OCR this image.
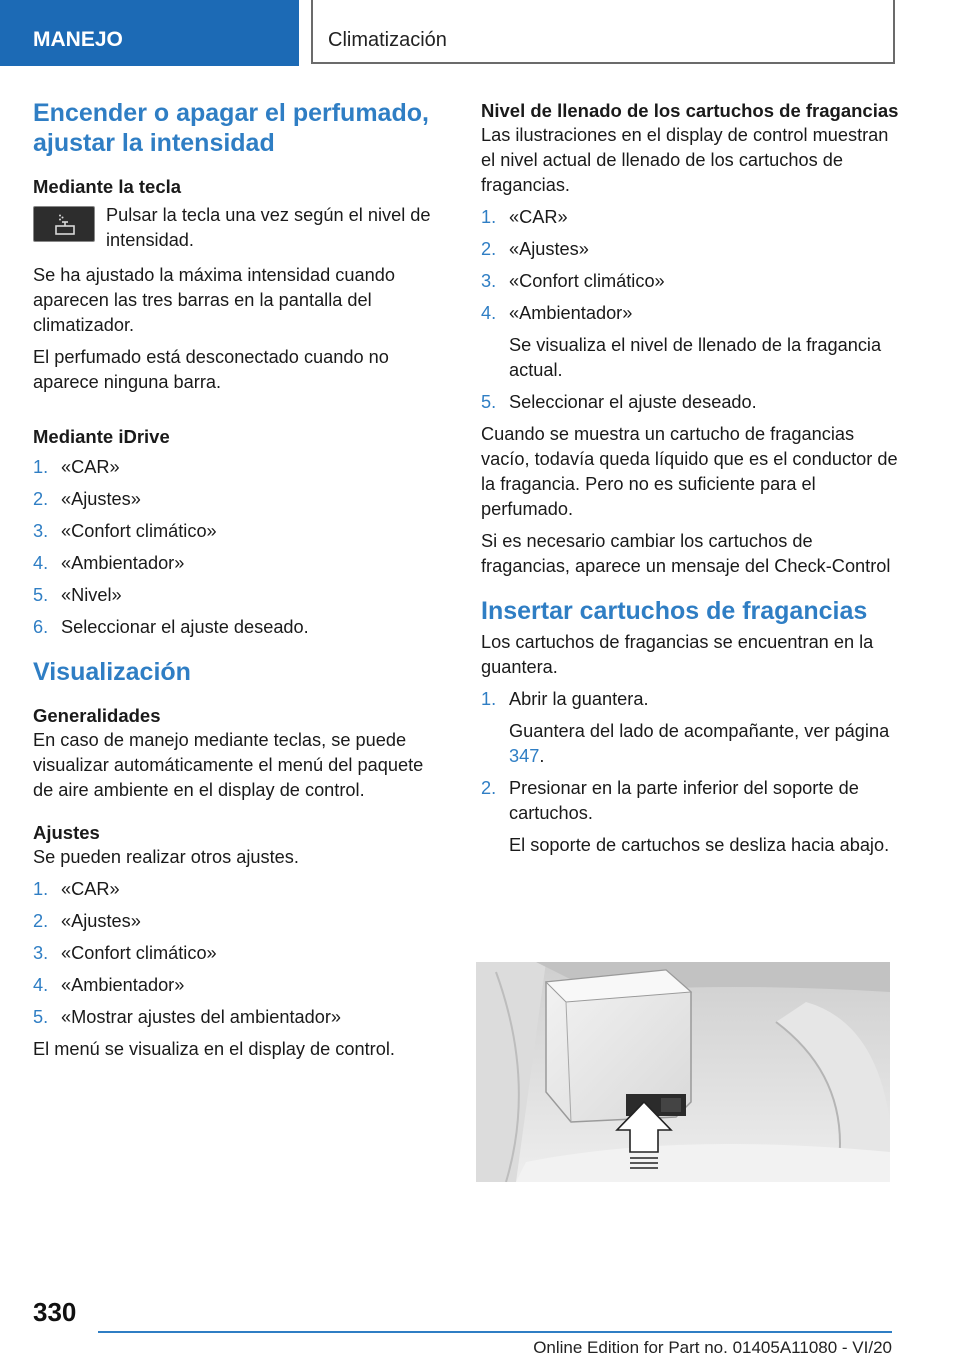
MANEJO	Climatización
Encender o apagar el perfumado, ajustar la intensidad
Mediante la tecla
Pulsar la tecla una vez según el nivel de intensidad.

Se ha ajustado la máxima intensidad cuando aparecen las tres barras en la pantalla del climatizador.

El perfumado está desconectado cuando no aparece ninguna barra.

Mediante iDrive
1. «CAR»
2. «Ajustes»
3. «Confort climático»
4. «Ambientador»
5. «Nivel»
6. Seleccionar el ajuste deseado.
Visualización
Generalidades

En caso de manejo mediante teclas, se puede visualizar automáticamente el menú del paquete de aire ambiente en el display de control.

Ajustes

Se pueden realizar otros ajustes.

1. «CAR»
2. «Ajustes»
3. «Confort climático»
4. «Ambientador»
5. «Mostrar ajustes del ambientador»

El menú se visualiza en el display de control.

Nivel de llenado de los cartuchos de fragancias

Las ilustraciones en el display de control muestran el nivel actual de llenado de los cartuchos de fragancias.

1. «CAR»
2. «Ajustes»
3. «Confort climático»
4. «Ambientador»
Se visualiza el nivel de llenado de la fragancia actual.
5. Seleccionar el ajuste deseado.

Cuando se muestra un cartucho de fragancias vacío, todavía queda líquido que es el conductor de la fragancia. Pero no es suficiente para el perfumado.

Si es necesario cambiar los cartuchos de fragancias, aparece un mensaje del Check-Control

Insertar cartuchos de fragancias

Los cartuchos de fragancias se encuentran en la guantera.

1. Abrir la guantera.
Guantera del lado de acompañante, ver página 347.
2. Presionar en la parte inferior del soporte de cartuchos.
El soporte de cartuchos se desliza hacia abajo.
330
Online Edition for Part no. 01405A11080 - VI/20
